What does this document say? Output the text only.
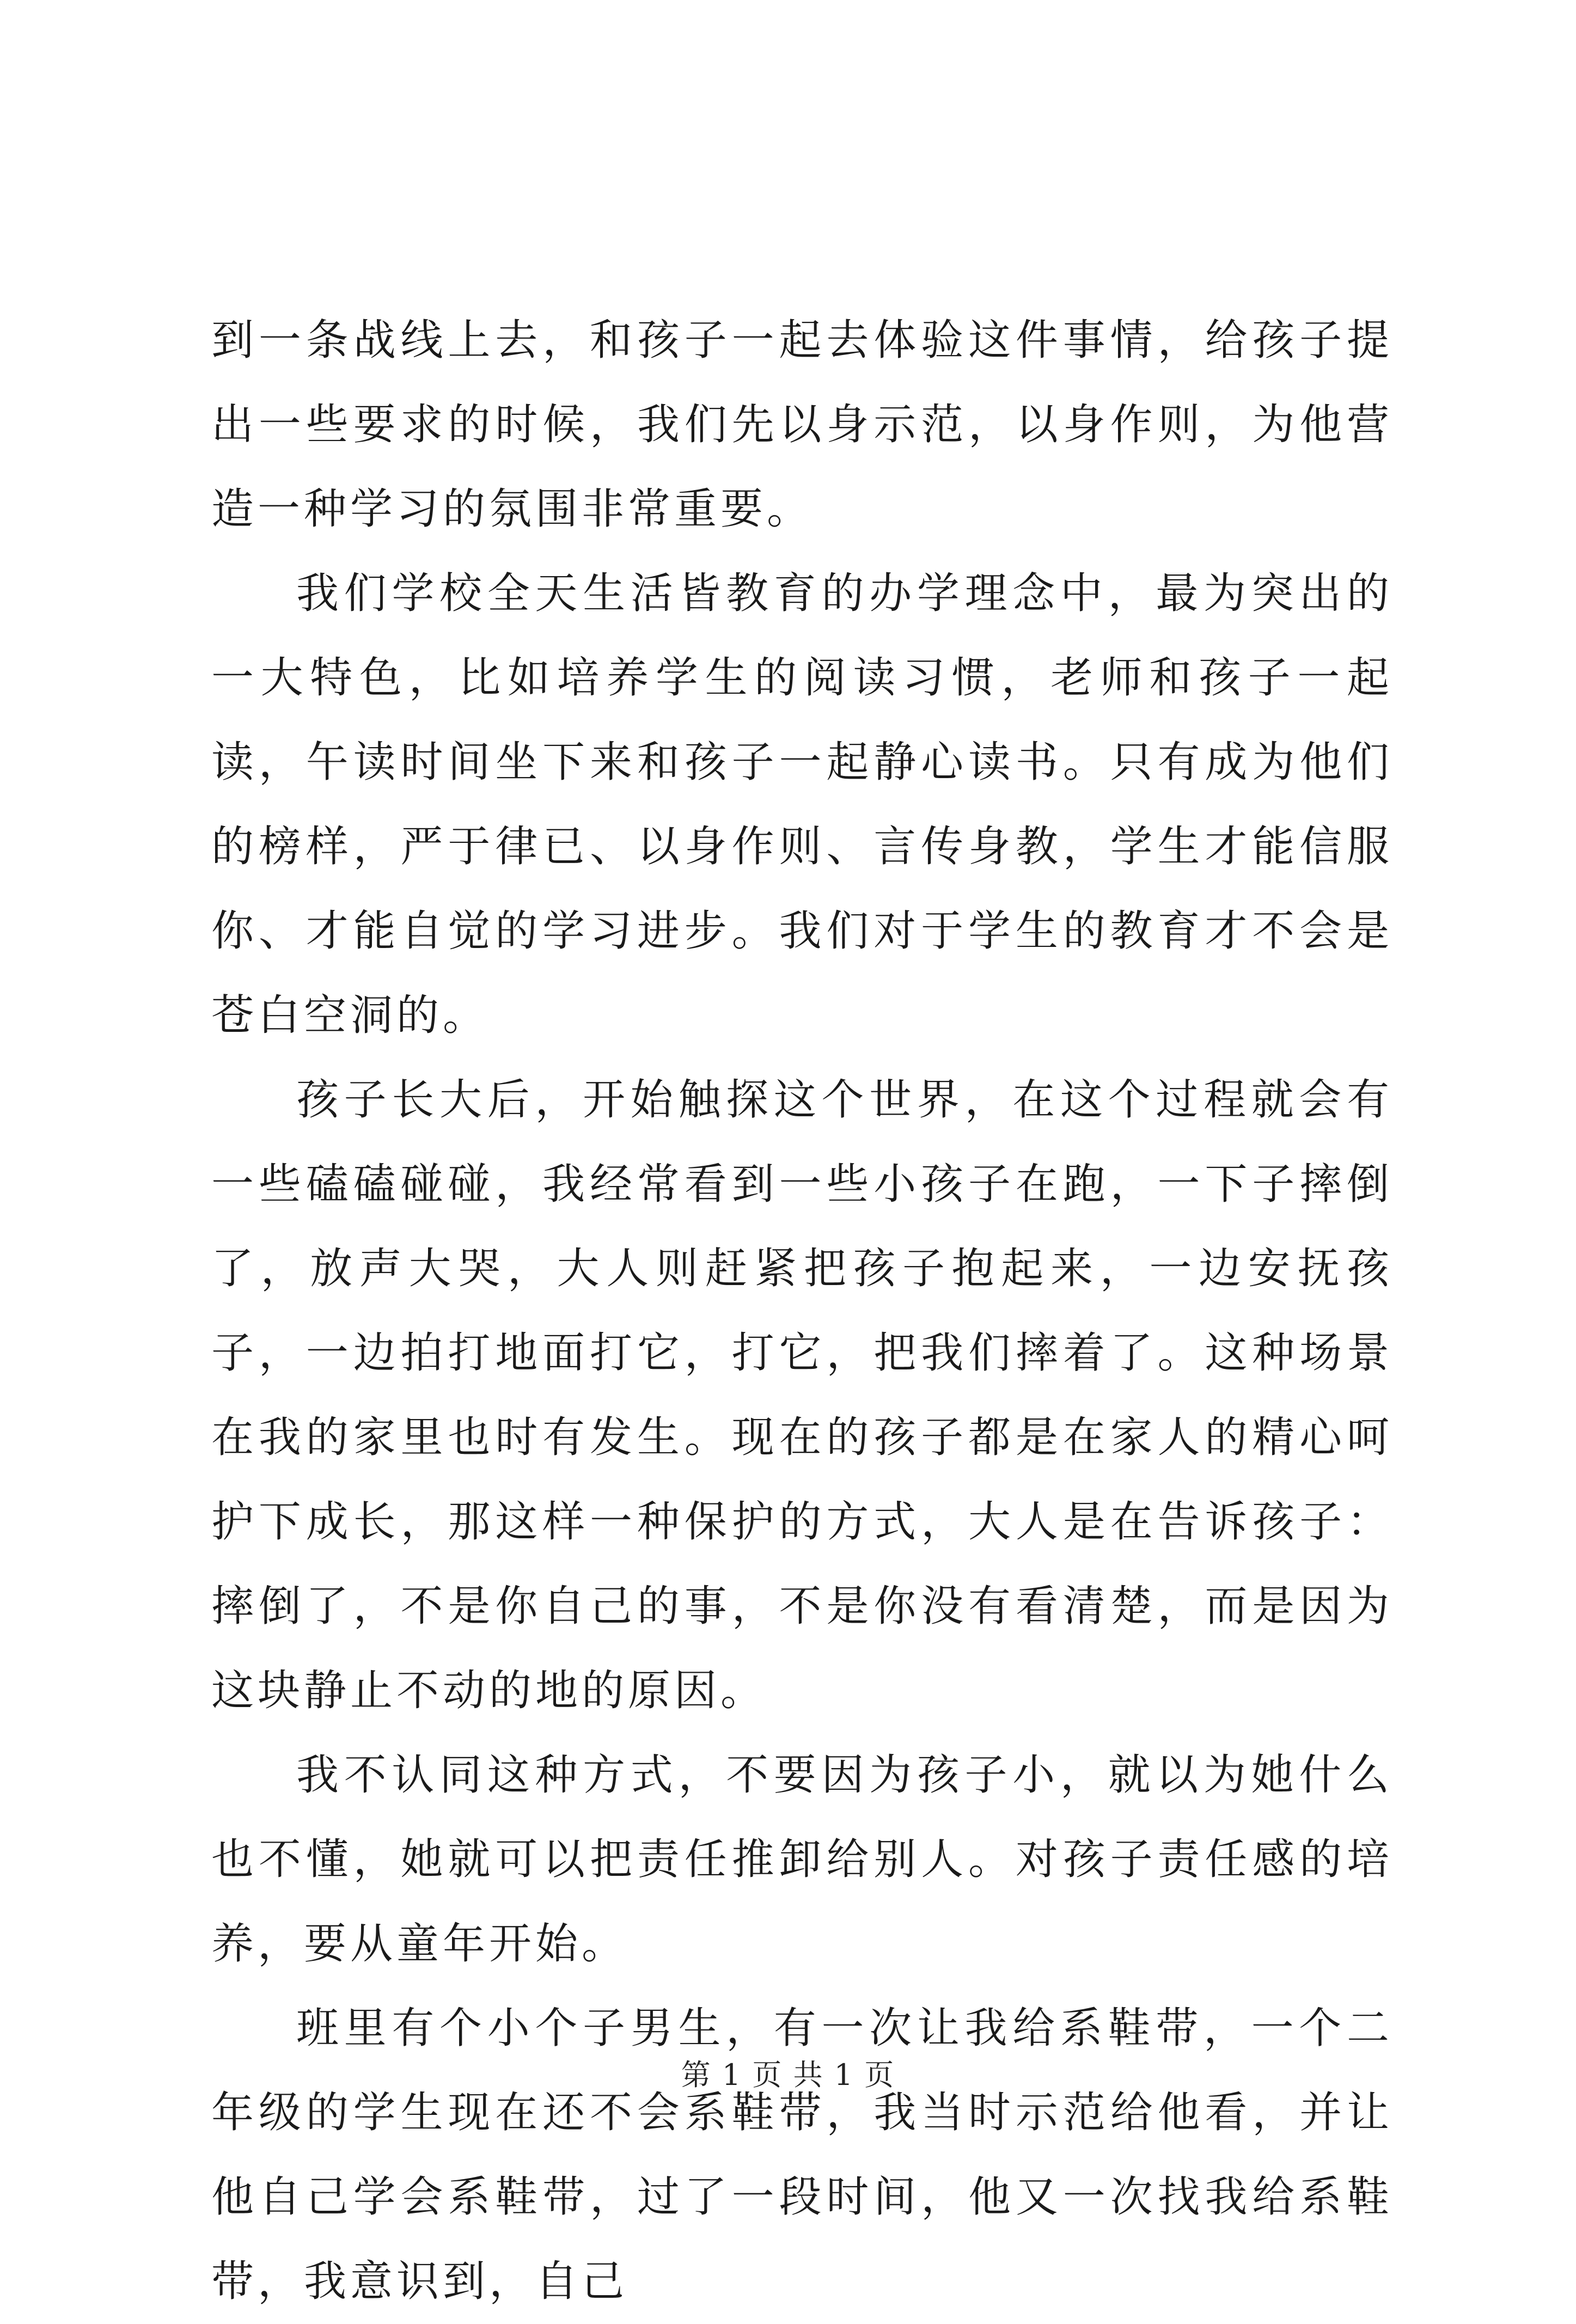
到一条战线上去，和孩子一起去体验这件事情，给孩子提出一些要求的时候，我们先以身示范，以身作则，为他营造一种学习的氛围非常重要。

我们学校全天生活皆教育的办学理念中，最为突出的一大特色，比如培养学生的阅读习惯，老师和孩子一起读，午读时间坐下来和孩子一起静心读书。只有成为他们的榜样，严于律已、以身作则、言传身教，学生才能信服你、才能自觉的学习进步。我们对于学生的教育才不会是苍白空洞的。

孩子长大后，开始触探这个世界，在这个过程就会有一些磕磕碰碰，我经常看到一些小孩子在跑，一下子摔倒了，放声大哭，大人则赶紧把孩子抱起来，一边安抚孩子，一边拍打地面打它，打它，把我们摔着了。这种场景在我的家里也时有发生。现在的孩子都是在家人的精心呵护下成长，那这样一种保护的方式，大人是在告诉孩子：摔倒了，不是你自己的事，不是你没有看清楚，而是因为这块静止不动的地的原因。

我不认同这种方式，不要因为孩子小，就以为她什么也不懂，她就可以把责任推卸给别人。对孩子责任感的培养，要从童年开始。

班里有个小个子男生，有一次让我给系鞋带，一个二年级的学生现在还不会系鞋带，我当时示范给他看，并让他自己学会系鞋带，过了一段时间，他又一次找我给系鞋带，我意识到，自己

第 1 页 共 1 页
